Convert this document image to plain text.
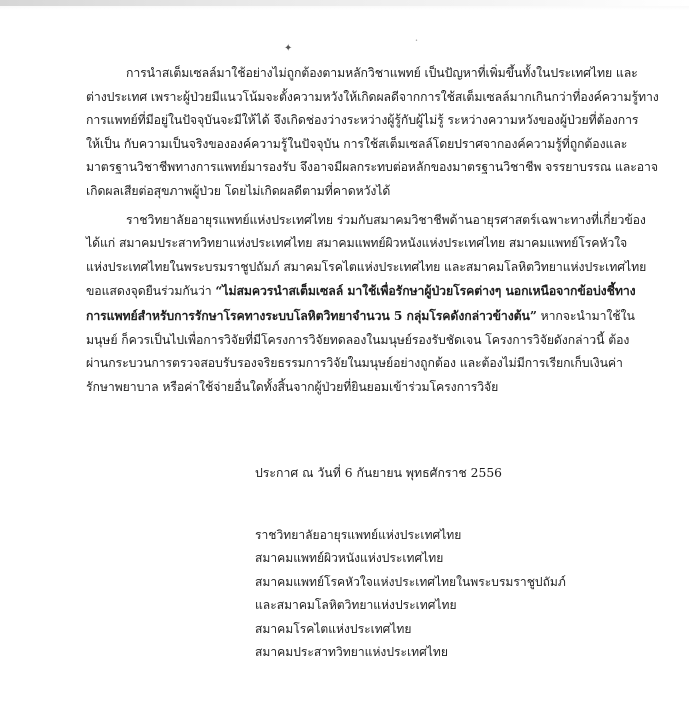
✦
•
การนำสเต็มเซลล์มาใช้อย่างไม่ถูกต้องตามหลักวิชาแพทย์ เป็นปัญหาที่เพิ่มขึ้นทั้งในประเทศไทย และ
ต่างประเทศ เพราะผู้ป่วยมีแนวโน้มจะตั้งความหวังให้เกิดผลดีจากการใช้สเต็มเซลล์มากเกินกว่าที่องค์ความรู้ทาง
การแพทย์ที่มีอยู่ในปัจจุบันจะมีให้ได้ จึงเกิดช่องว่างระหว่างผู้รู้กับผู้ไม่รู้ ระหว่างความหวังของผู้ป่วยที่ต้องการ
ให้เป็น กับความเป็นจริงขององค์ความรู้ในปัจจุบัน การใช้สเต็มเซลล์โดยปราศจากองค์ความรู้ที่ถูกต้องและ
มาตรฐานวิชาชีพทางการแพทย์มารองรับ จึงอาจมีผลกระทบต่อหลักของมาตรฐานวิชาชีพ จรรยาบรรณ และอาจ
เกิดผลเสียต่อสุขภาพผู้ป่วย โดยไม่เกิดผลดีตามที่คาดหวังได้
ราชวิทยาลัยอายุรแพทย์แห่งประเทศไทย ร่วมกับสมาคมวิชาชีพด้านอายุรศาสตร์เฉพาะทางที่เกี่ยวข้อง
ได้แก่ สมาคมประสาทวิทยาแห่งประเทศไทย สมาคมแพทย์ผิวหนังแห่งประเทศไทย สมาคมแพทย์โรคหัวใจ
แห่งประเทศไทยในพระบรมราชูปถัมภ์ สมาคมโรคไตแห่งประเทศไทย และสมาคมโลหิตวิทยาแห่งประเทศไทย
ขอแสดงจุดยืนร่วมกันว่า “ไม่สมควรนำสเต็มเซลล์ มาใช้เพื่อรักษาผู้ป่วยโรคต่างๆ นอกเหนือจากข้อบ่งชี้ทาง
การแพทย์สำหรับการรักษาโรคทางระบบโลหิตวิทยาจำนวน 5 กลุ่มโรคดังกล่าวข้างต้น” หากจะนำมาใช้ใน
มนุษย์ ก็ควรเป็นไปเพื่อการวิจัยที่มีโครงการวิจัยทดลองในมนุษย์รองรับชัดเจน โครงการวิจัยดังกล่าวนี้ ต้อง
ผ่านกระบวนการตรวจสอบรับรองจริยธรรมการวิจัยในมนุษย์อย่างถูกต้อง และต้องไม่มีการเรียกเก็บเงินค่า
รักษาพยาบาล หรือค่าใช้จ่ายอื่นใดทั้งสิ้นจากผู้ป่วยที่ยินยอมเข้าร่วมโครงการวิจัย
ประกาศ ณ วันที่ 6 กันยายน พุทธศักราช 2556
ราชวิทยาลัยอายุรแพทย์แห่งประเทศไทย
สมาคมแพทย์ผิวหนังแห่งประเทศไทย
สมาคมแพทย์โรคหัวใจแห่งประเทศไทยในพระบรมราชูปถัมภ์
และสมาคมโลหิตวิทยาแห่งประเทศไทย
สมาคมโรคไตแห่งประเทศไทย
สมาคมประสาทวิทยาแห่งประเทศไทย
